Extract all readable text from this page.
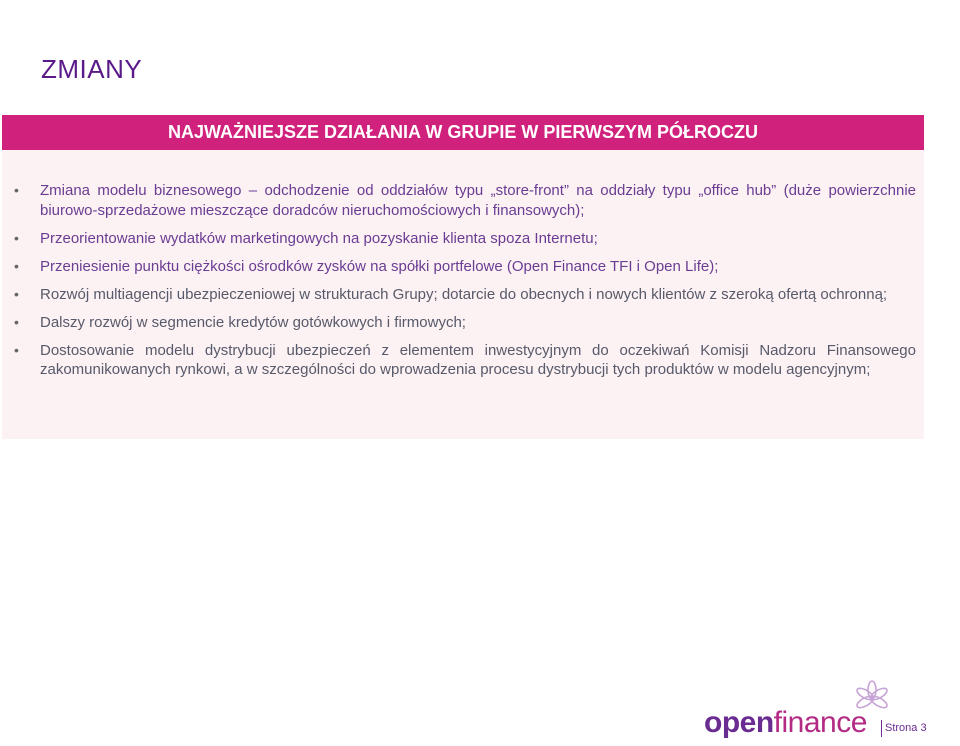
ZMIANY
NAJWAŻNIEJSZE DZIAŁANIA W GRUPIE W PIERWSZYM PÓŁROCZU
•	Zmiana modelu biznesowego – odchodzenie od oddziałów typu „store-front” na oddziały typu „office hub” (duże powierzchnie biurowo-sprzedażowe mieszczące doradców nieruchomościowych i finansowych);
•	Przeorientowanie wydatków marketingowych na pozyskanie klienta spoza Internetu;
•	Przeniesienie punktu ciężkości ośrodków zysków na spółki portfelowe (Open Finance TFI i Open Life);
•	Rozwój multiagencji ubezpieczeniowej w strukturach Grupy; dotarcie do obecnych i nowych klientów z szeroką ofertą ochronną;
•	Dalszy rozwój w segmencie kredytów gotówkowych i firmowych;
•	Dostosowanie modelu dystrybucji ubezpieczeń z elementem inwestycyjnym do oczekiwań Komisji Nadzoru Finansowego zakomunikowanych rynkowi, a w szczególności do wprowadzenia procesu dystrybucji tych produktów w modelu agencyjnym;
openfinance Strona 3
